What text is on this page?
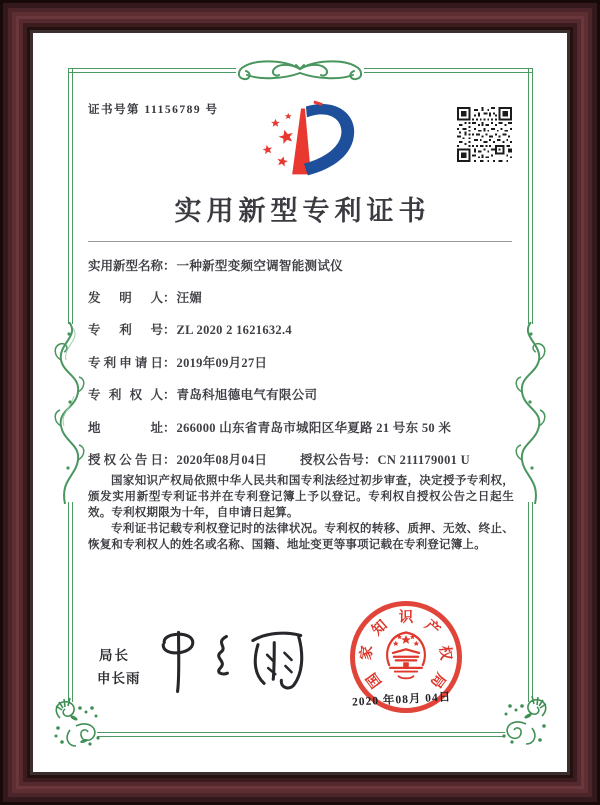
证书号第 11156789 号
实用新型专利证书
实用新型名称：一种新型变频空调智能测试仪
发明人：汪媚
专利号：ZL 2020 2 1621632.4
专利申请日：2019年09月27日
专利权人：青岛科旭德电气有限公司
地址：266000 山东省青岛市城阳区华夏路 21 号东 50 米
授权公告日：2020年08月04日	授权公告号：CN 211179001 U

国家知识产权局依照中华人民共和国专利法经过初步审查，决定授予专利权，颁发实用新型专利证书并在专利登记簿上予以登记。专利权自授权公告之日起生效。专利权期限为十年，自申请日起算。

专利证书记载专利权登记时的法律状况。专利权的转移、质押、无效、终止、恢复和专利权人的姓名或名称、国籍、地址变更等事项记载在专利登记簿上。

局长
申长雨	国
家
知 识 产
权
局
2020 年08月 04日
